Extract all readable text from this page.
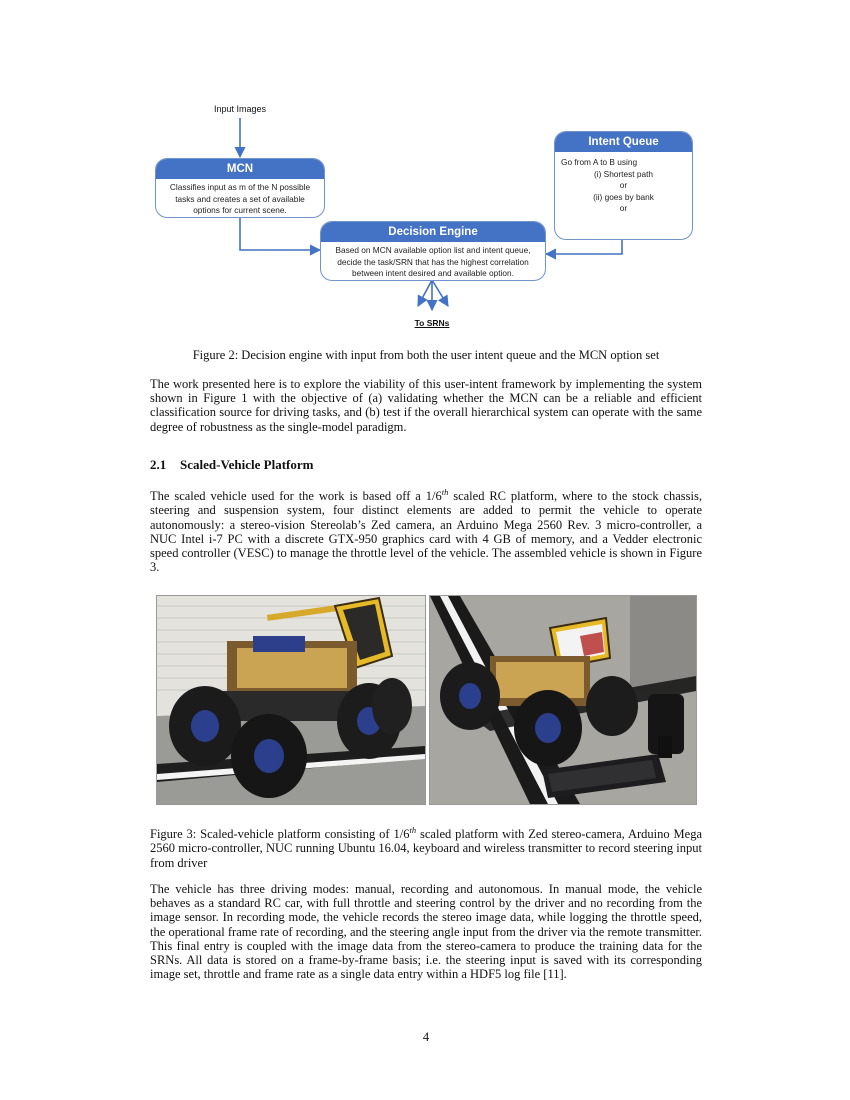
Input Images
MCN
Classifies input as m of the N possible
tasks and creates a set of available
options for current scene.
Intent Queue
Go from A to B using
(i) Shortest path
or
(ii) goes by bank
or
Decision Engine
Based on MCN available option list and intent queue,
decide the task/SRN that has the highest correlation
between intent desired and available option.
To SRNs
Figure 2: Decision engine with input from both the user intent queue and the MCN option set
The work presented here is to explore the viability of this user-intent framework by implementing the system shown in Figure 1 with the objective of (a) validating whether the MCN can be a reliable and efficient classification source for driving tasks, and (b) test if the overall hierarchical system can operate with the same degree of robustness as the single-model paradigm.
2.1 Scaled-Vehicle Platform
The scaled vehicle used for the work is based off a 1/6th scaled RC platform, where to the stock chassis, steering and suspension system, four distinct elements are added to permit the vehicle to operate autonomously: a stereo-vision Stereolab’s Zed camera, an Arduino Mega 2560 Rev. 3 micro-controller, a NUC Intel i-7 PC with a discrete GTX-950 graphics card with 4 GB of memory, and a Vedder electronic speed controller (VESC) to manage the throttle level of the vehicle. The assembled vehicle is shown in Figure 3.
Figure 3: Scaled-vehicle platform consisting of 1/6th scaled platform with Zed stereo-camera, Arduino Mega 2560 micro-controller, NUC running Ubuntu 16.04, keyboard and wireless transmitter to record steering input from driver
The vehicle has three driving modes: manual, recording and autonomous. In manual mode, the vehicle behaves as a standard RC car, with full throttle and steering control by the driver and no recording from the image sensor. In recording mode, the vehicle records the stereo image data, while logging the throttle speed, the operational frame rate of recording, and the steering angle input from the driver via the remote transmitter. This final entry is coupled with the image data from the stereo-camera to produce the training data for the SRNs. All data is stored on a frame-by-frame basis; i.e. the steering input is saved with its corresponding image set, throttle and frame rate as a single data entry within a HDF5 log file [11].
4
